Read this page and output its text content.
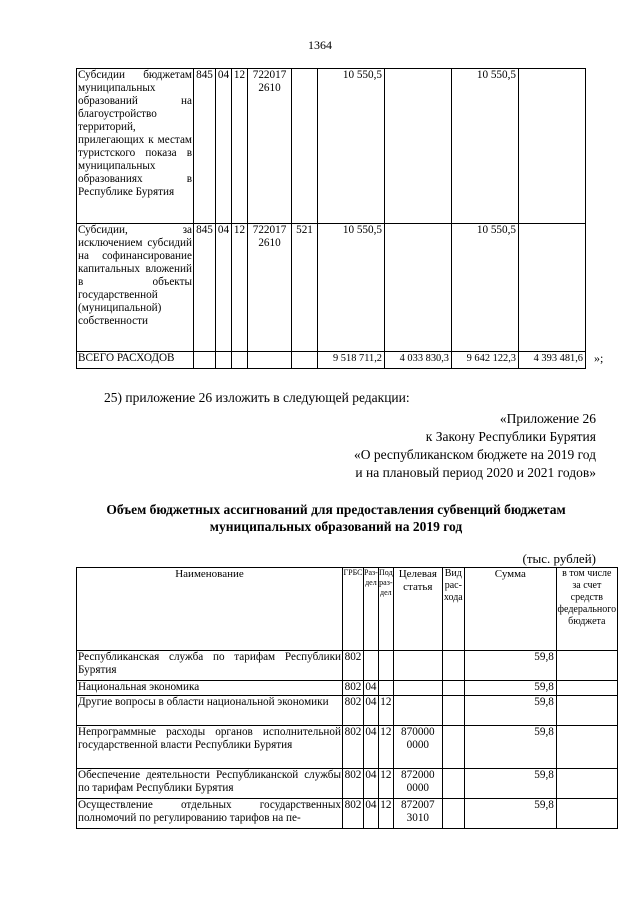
1364
Субсидии бюджетам муниципальных образований на благоустройство территорий, прилегающих к местам туристского показа в муниципальных образованиях в Республике Бурятия	845	04	12	722017 2610		10 550,5		10 550,5	
Субсидии, за исключением субсидий на софинансирование капитальных вложений в объекты государственной (муниципальной) собственности	845	04	12	722017 2610	521	10 550,5		10 550,5	
ВСЕГО РАСХОДОВ						9 518 711,2	4 033 830,3	9 642 122,3	4 393 481,6 »;
25) приложение 26 изложить в следующей редакции:
«Приложение 26
к Закону Республики Бурятия
«О республиканском бюджете на 2019 год
и на плановый период 2020 и 2021 годов»
Объем бюджетных ассигнований для предоставления субвенций бюджетам
муниципальных образований на 2019 год
(тыс. рублей)
Наименование	ГРБС	Раз-дел	Под раз-дел	Целевая статья	Вид рас-хода	Сумма	в том числе за счет средств федерального бюджета
Республиканская служба по тарифам Республики Бурятия	802					59,8	
Национальная экономика	802	04				59,8	
Другие вопросы в области национальной экономики	802	04	12			59,8	
Непрограммные расходы органов исполнительной государственной власти Республики Бурятия	802	04	12	870000 0000		59,8	
Обеспечение деятельности Республиканской службы по тарифам Республики Бурятия	802	04	12	872000 0000		59,8	
Осуществление отдельных государственных полномочий по регулированию тарифов на пе-	802	04	12	872007 3010		59,8	
